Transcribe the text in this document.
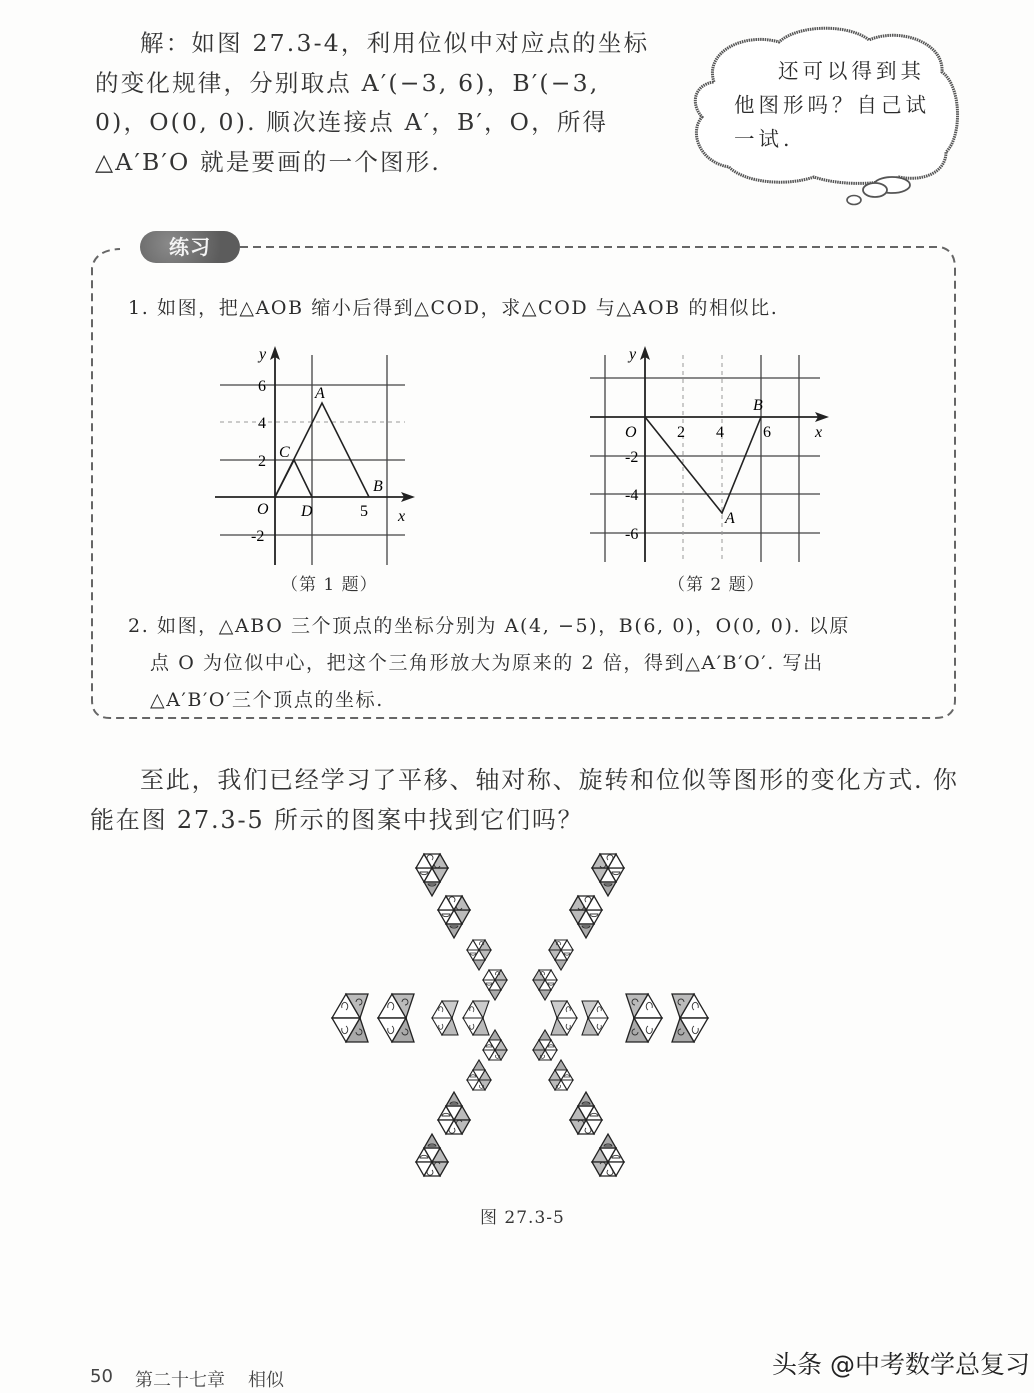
解：如图 27.3-4，利用位似中对应点的坐标
的变化规律，分别取点 A′(−3, 6)，B′(−3,
0)，O(0, 0). 顺次连接点 A′，B′，O，所得
△A′B′O 就是要画的一个图形.
还可以得到其
他图形吗？自己试
一试.
练习
1. 如图，把△AOB 缩小后得到△COD，求△COD 与△AOB 的相似比.
y
x
6
4
2
-2
5
O
A
B
C
D
（第 1 题）
y
x
2 4 6
-2
-4
-6
O
A
B
（第 2 题）
2. 如图，△ABO 三个顶点的坐标分别为 A(4, −5)，B(6, 0)，O(0, 0). 以原
点 O 为位似中心，把这个三角形放大为原来的 2 倍，得到△A′B′O′. 写出
△A′B′O′三个顶点的坐标.
至此，我们已经学习了平移、轴对称、旋转和位似等图形的变化方式. 你
能在图 27.3-5 所示的图案中找到它们吗？
图 27.3-5
50 第二十七章 相似
头条 @中考数学总复习
